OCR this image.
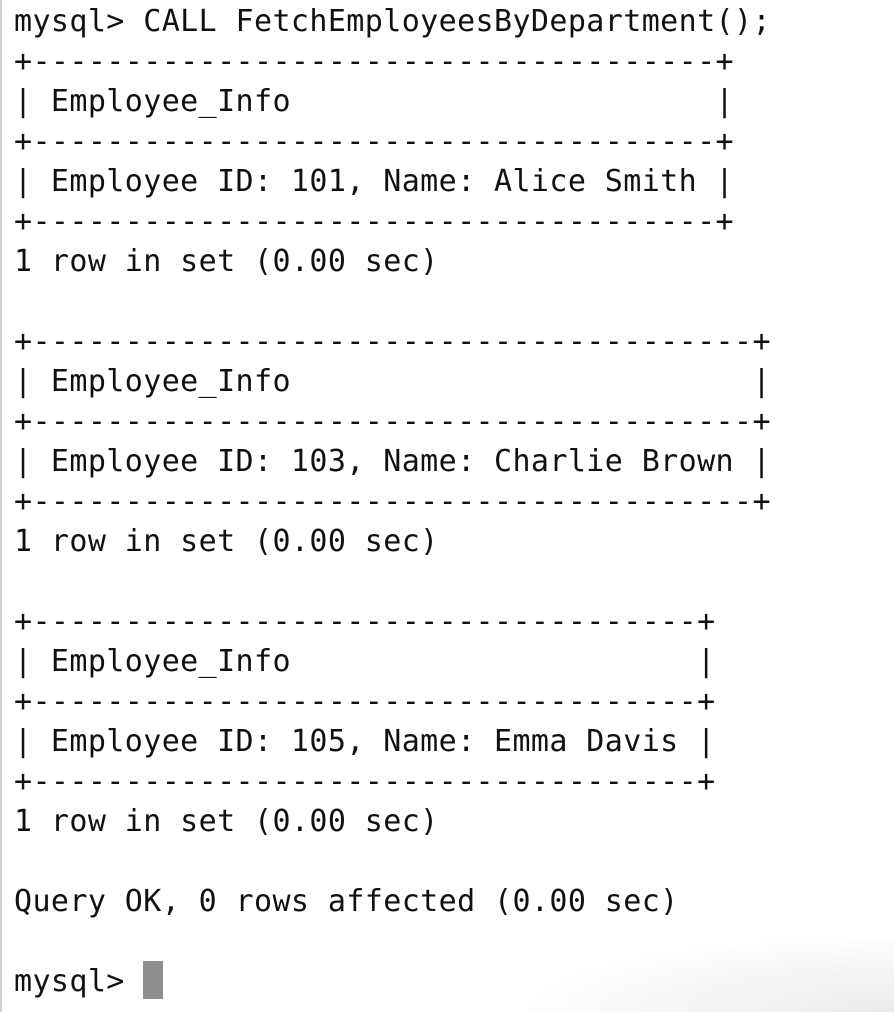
mysql> CALL FetchEmployeesByDepartment();
+-------------------------------------+
| Employee_Info                       |
+-------------------------------------+
| Employee ID: 101, Name: Alice Smith |
+-------------------------------------+
1 row in set (0.00 sec)
+---------------------------------------+
| Employee_Info                         |
+---------------------------------------+
| Employee ID: 103, Name: Charlie Brown |
+---------------------------------------+
1 row in set (0.00 sec)
+------------------------------------+
| Employee_Info                      |
+------------------------------------+
| Employee ID: 105, Name: Emma Davis |
+------------------------------------+
1 row in set (0.00 sec)
Query OK, 0 rows affected (0.00 sec)
mysql>
